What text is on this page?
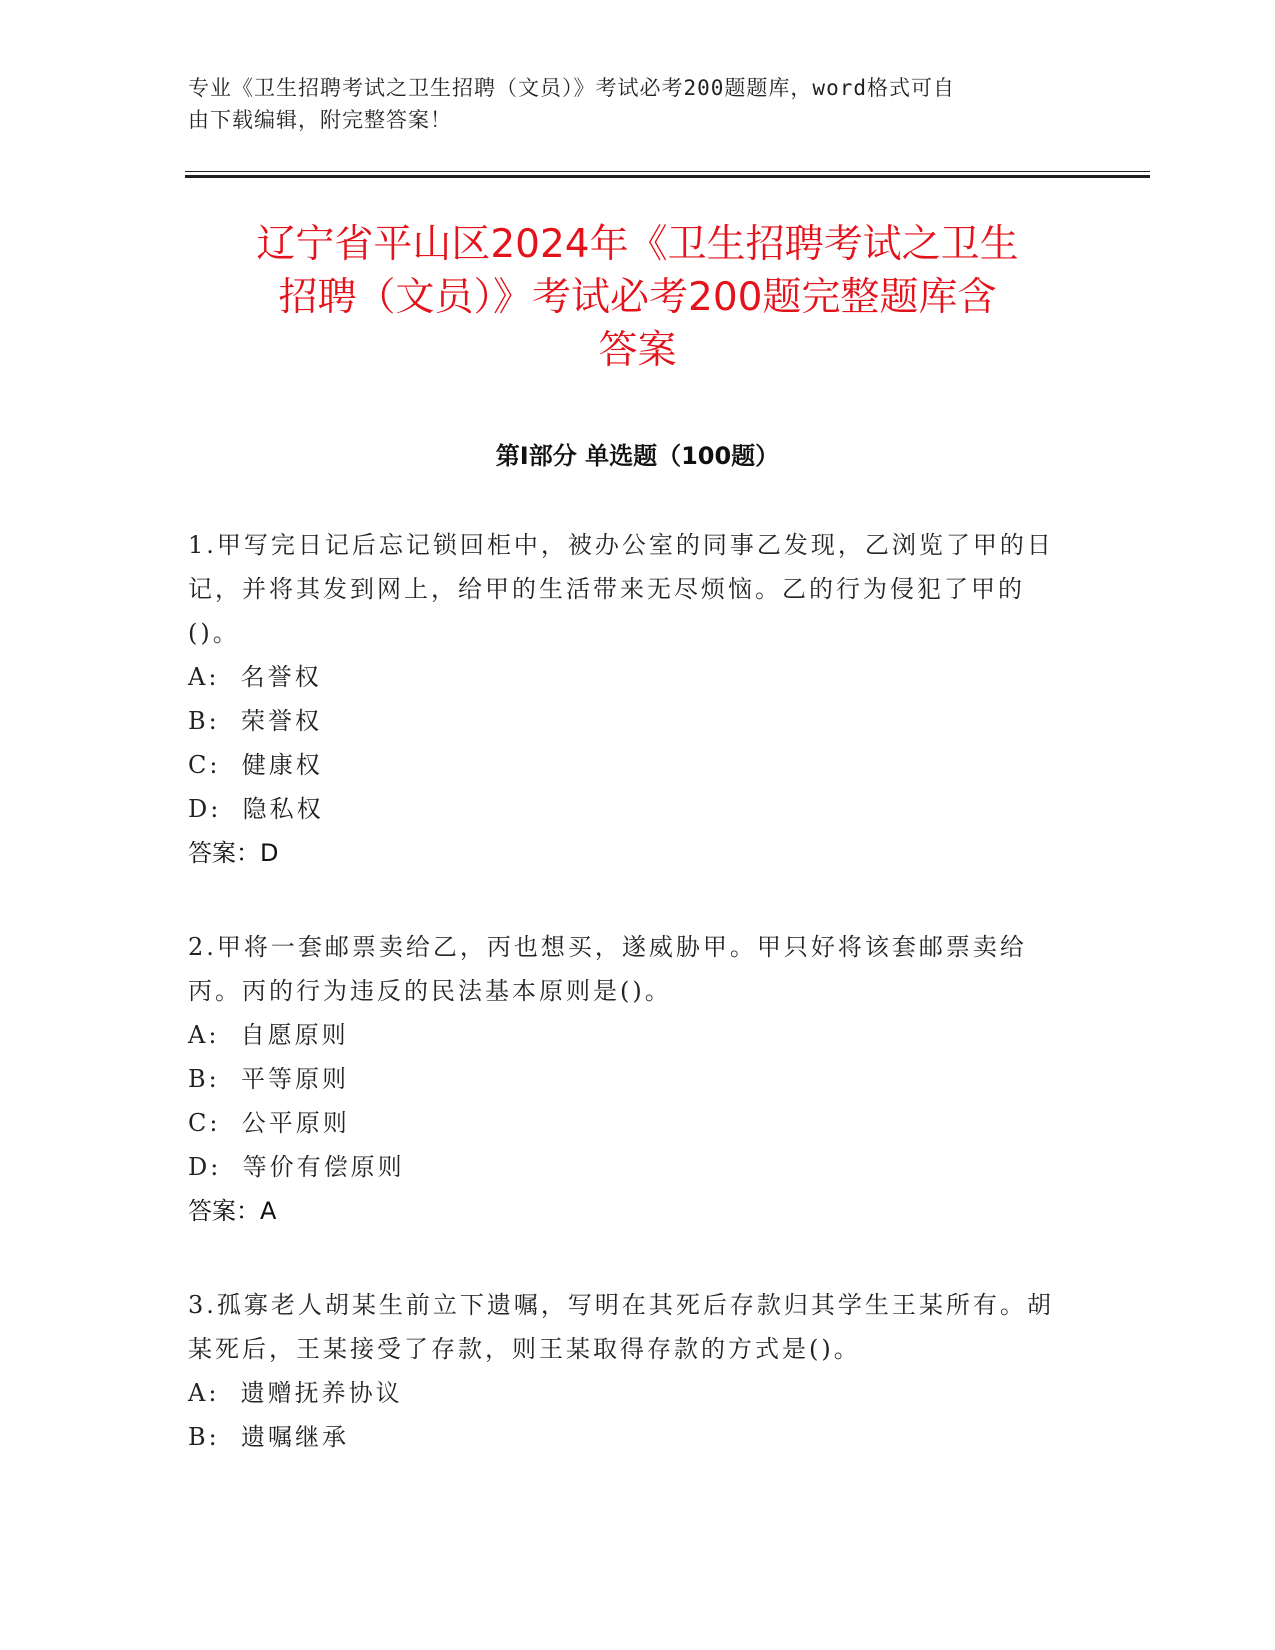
专业《卫生招聘考试之卫生招聘（文员）》考试必考200题题库，word格式可自
由下载编辑，附完整答案！
辽宁省平山区2024年《卫生招聘考试之卫生
招聘（文员）》考试必考200题完整题库含
答案
第Ⅰ部分 单选题（100题）

1.甲写完日记后忘记锁回柜中，被办公室的同事乙发现，乙浏览了甲的日记，并将其发到网上，给甲的生活带来无尽烦恼。乙的行为侵犯了甲的()。

A:  名誉权

B:  荣誉权

C:  健康权

D:  隐私权

答案：D

2.甲将一套邮票卖给乙，丙也想买，遂威胁甲。甲只好将该套邮票卖给丙。丙的行为违反的民法基本原则是()。

A:  自愿原则

B:  平等原则

C:  公平原则

D:  等价有偿原则

答案：A

3.孤寡老人胡某生前立下遗嘱，写明在其死后存款归其学生王某所有。胡某死后，王某接受了存款，则王某取得存款的方式是()。

A:  遗赠抚养协议

B:  遗嘱继承
